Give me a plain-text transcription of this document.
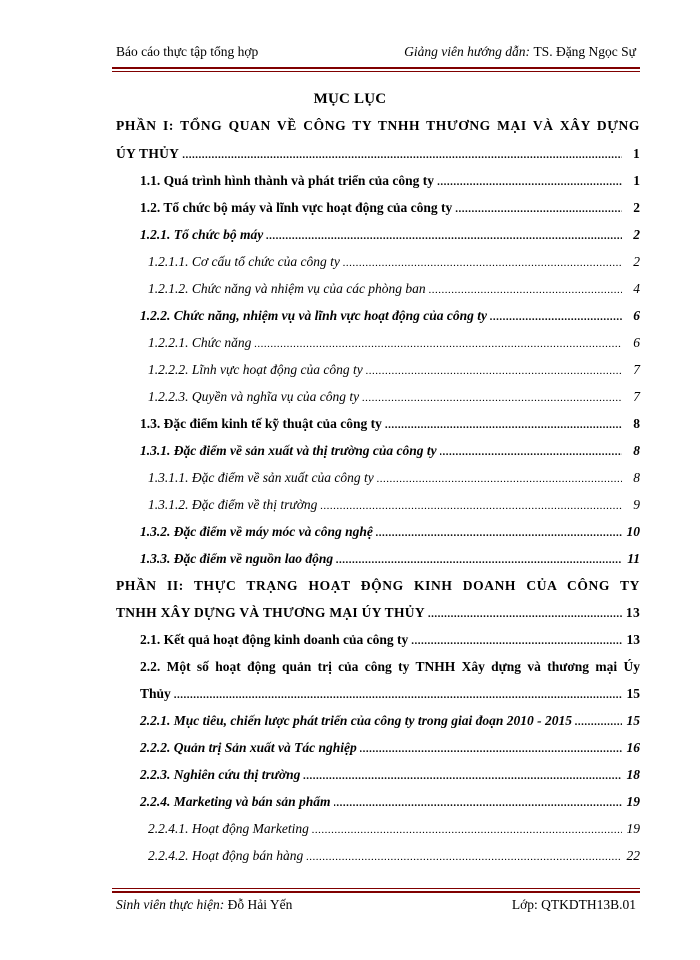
Báo cáo thực tập tổng hợp	Giảng viên hướng dẫn: TS. Đặng Ngọc Sự
MỤC LỤC
PHẦN I: TỔNG QUAN VỀ CÔNG TY TNHH THƯƠNG MẠI VÀ XÂY DỰNG
ÚY THỦY .....	1
1.1. Quá trình hình thành và phát triển của công ty .....	1
1.2. Tổ chức bộ máy và lĩnh vực hoạt động của công ty .....	2
1.2.1. Tổ chức bộ máy .....	2
1.2.1.1. Cơ cấu tổ chức của công ty .....	2
1.2.1.2. Chức năng và nhiệm vụ của các phòng ban .....	4
1.2.2. Chức năng, nhiệm vụ và lĩnh vực hoạt động của công ty .....	6
1.2.2.1. Chức năng .....	6
1.2.2.2. Lĩnh vực hoạt động của công ty .....	7
1.2.2.3. Quyền và nghĩa vụ của công ty .....	7
1.3. Đặc điểm kinh tế kỹ thuật của công ty .....	8
1.3.1. Đặc điểm về sản xuất và thị trường của công ty .....	8
1.3.1.1. Đặc điểm về sản xuất của công ty .....	8
1.3.1.2. Đặc điểm về thị trường .....	9
1.3.2. Đặc điểm về máy móc và công nghệ .....	10
1.3.3. Đặc điểm về nguồn lao động .....	11
PHẦN II: THỰC TRẠNG HOẠT ĐỘNG KINH DOANH CỦA CÔNG TY
TNHH XÂY DỰNG VÀ THƯƠNG MẠI ÚY THỦY .....	13
2.1. Kết quả hoạt động kinh doanh của công ty .....	13
2.2. Một số hoạt động quản trị của công ty TNHH Xây dựng và thương mại Úy
Thủy .....	15
2.2.1. Mục tiêu, chiến lược phát triển của công ty trong giai đoạn 2010 - 2015 .....	15
2.2.2. Quản trị Sản xuất và Tác nghiệp .....	16
2.2.3. Nghiên cứu thị trường .....	18
2.2.4. Marketing và bán sản phẩm .....	19
2.2.4.1. Hoạt động Marketing .....	19
2.2.4.2. Hoạt động bán hàng .....	22
Sinh viên thực hiện: Đỗ Hải Yến	Lớp: QTKDTH13B.01
